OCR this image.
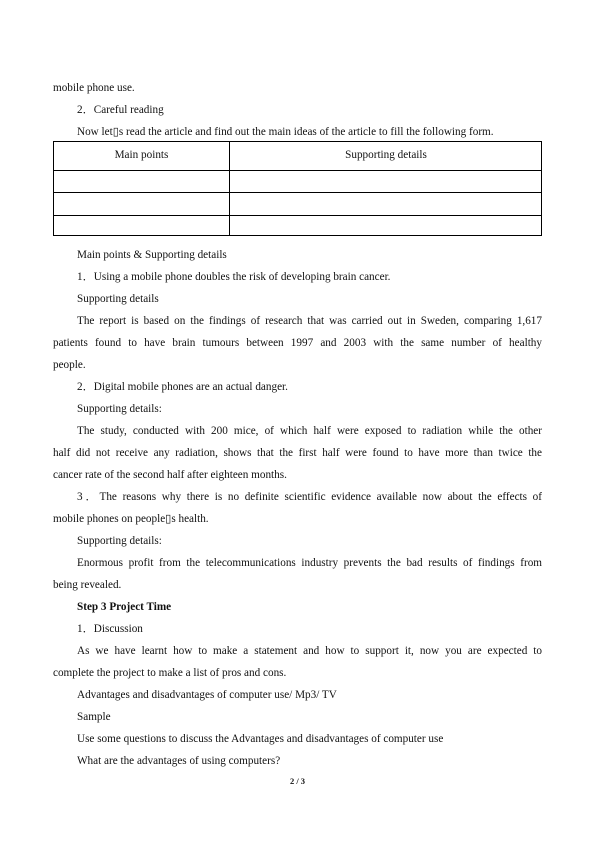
mobile phone use.
2．Careful reading
Now let▯s read the article and find out the main ideas of the article to fill the following form.
Main points	Supporting details
Main points & Supporting details
1．Using a mobile phone doubles the risk of developing brain cancer.
Supporting details
The report is based on the findings of research that was carried out in Sweden, comparing 1,617
patients found to have brain tumours between 1997 and 2003 with the same number of healthy
people.
2．Digital mobile phones are an actual danger.
Supporting details:
The study, conducted with 200 mice, of which half were exposed to radiation while the other
half did not receive any radiation, shows that the first half were found to have more than twice the
cancer rate of the second half after eighteen months.
3．The reasons why there is no definite scientific evidence available now about the effects of
mobile phones on people▯s health.
Supporting details:
Enormous profit from the telecommunications industry prevents the bad results of findings from
being revealed.
Step 3 Project Time
1．Discussion
As we have learnt how to make a statement and how to support it, now you are expected to
complete the project to make a list of pros and cons.
Advantages and disadvantages of computer use/ Mp3/ TV
Sample
Use some questions to discuss the Advantages and disadvantages of computer use
What are the advantages of using computers?
2 / 3
